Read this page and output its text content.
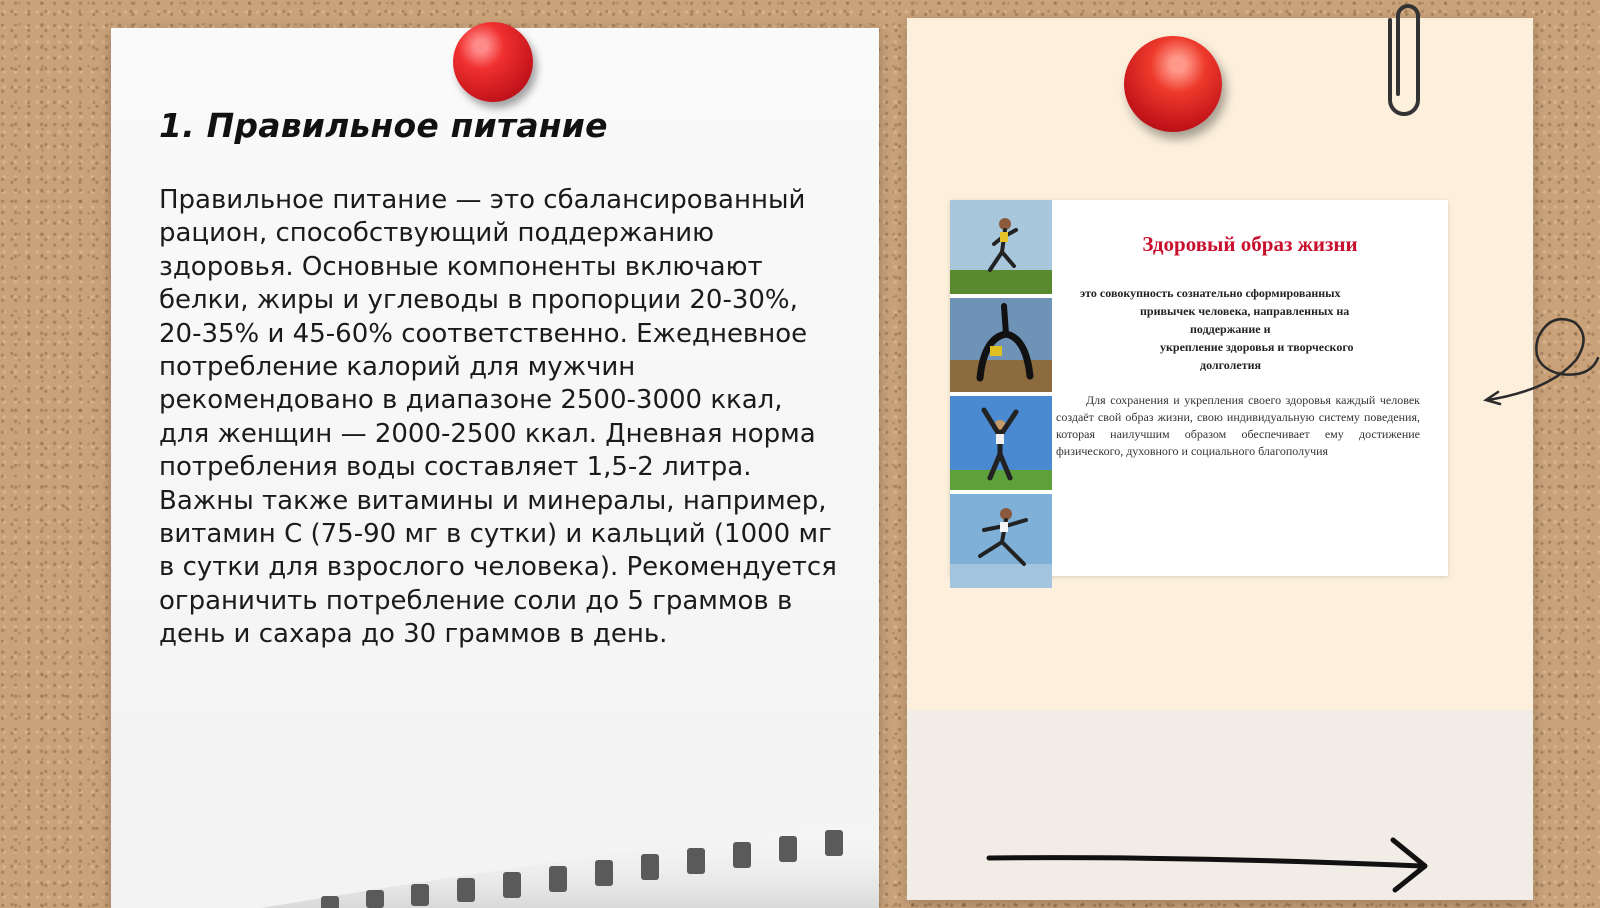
1. Правильное питание

Правильное питание — это сбалансированный рацион, способствующий поддержанию здоровья. Основные компоненты включают белки, жиры и углеводы в пропорции 20-30%, 20-35% и 45-60% соответственно. Ежедневное потребление калорий для мужчин рекомендовано в диапазоне 2500-3000 ккал, для женщин — 2000-2500 ккал. Дневная норма потребления воды составляет 1,5-2 литра. Важны также витамины и минералы, например, витамин C (75-90 мг в сутки) и кальций (1000 мг в сутки для взрослого человека). Рекомендуется ограничить потребление соли до 5 граммов в день и сахара до 30 граммов в день.

Здоровый образ жизни

это совокупность сознательно сформированных
привычек человека, направленных на
поддержание и
укрепление здоровья и творческого
долголетия

Для сохранения и укрепления своего здоровья каждый человек создаёт свой образ жизни, свою индивидуальную систему поведения, которая наилучшим образом обеспечивает ему достижение физического, духовного и социального благополучия
